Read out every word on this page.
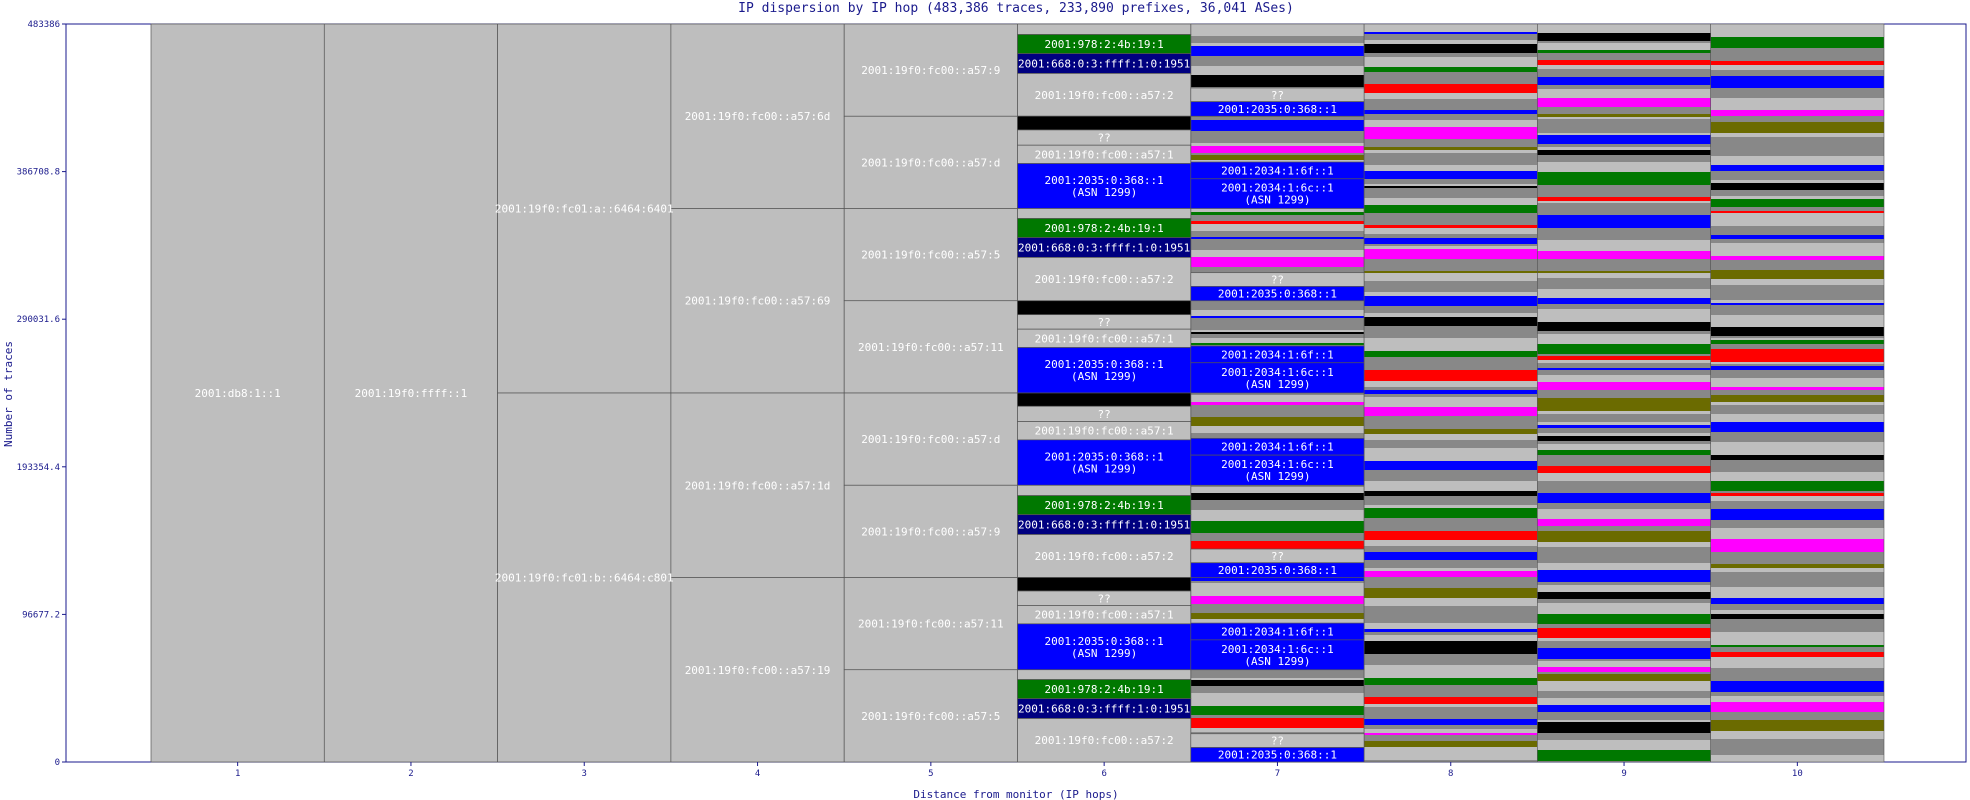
IP dispersion by IP hop (483,386 traces, 233,890 prefixes, 36,041 ASes)
Distance from monitor (IP hops)
Number of traces	2001:db8:1::1	2001:19f0:ffff::1
2001:19f0:fc01:a::6464:6401
2001:19f0:fc01:b::6464:c801
2001:19f0:fc00::a57:6d
2001:19f0:fc00::a57:69
2001:19f0:fc00::a57:1d
2001:19f0:fc00::a57:19
2001:19f0:fc00::a57:9
2001:19f0:fc00::a57:d
2001:19f0:fc00::a57:5
2001:19f0:fc00::a57:11
2001:19f0:fc00::a57:d
2001:19f0:fc00::a57:9
2001:19f0:fc00::a57:11
2001:19f0:fc00::a57:5
2001:978:2:4b:19:1
2001:668:0:3:ffff:1:0:1951
2001:19f0:fc00::a57:2
??
2001:19f0:fc00::a57:1
2001:2035:0:368::1
(ASN 1299)
2001:978:2:4b:19:1
2001:668:0:3:ffff:1:0:1951
2001:19f0:fc00::a57:2
??
2001:19f0:fc00::a57:1
2001:2035:0:368::1
(ASN 1299)
??
2001:19f0:fc00::a57:1
2001:2035:0:368::1
(ASN 1299)
2001:978:2:4b:19:1
2001:668:0:3:ffff:1:0:1951
2001:19f0:fc00::a57:2
??
2001:19f0:fc00::a57:1
2001:2035:0:368::1
(ASN 1299)
2001:978:2:4b:19:1
2001:668:0:3:ffff:1:0:1951
2001:19f0:fc00::a57:2
??
2001:2035:0:368::1
2001:2034:1:6f::1
2001:2034:1:6c::1
(ASN 1299)
??
2001:2035:0:368::1
2001:2034:1:6f::1
2001:2034:1:6c::1
(ASN 1299)
2001:2034:1:6f::1
2001:2034:1:6c::1
(ASN 1299)
??
2001:2035:0:368::1
2001:2034:1:6f::1
2001:2034:1:6c::1
(ASN 1299)
??
2001:2035:0:368::1
0
96677.2
193354.4
290031.6
386708.8
483386
1	2	3	4	5	6	7	8	9	10
